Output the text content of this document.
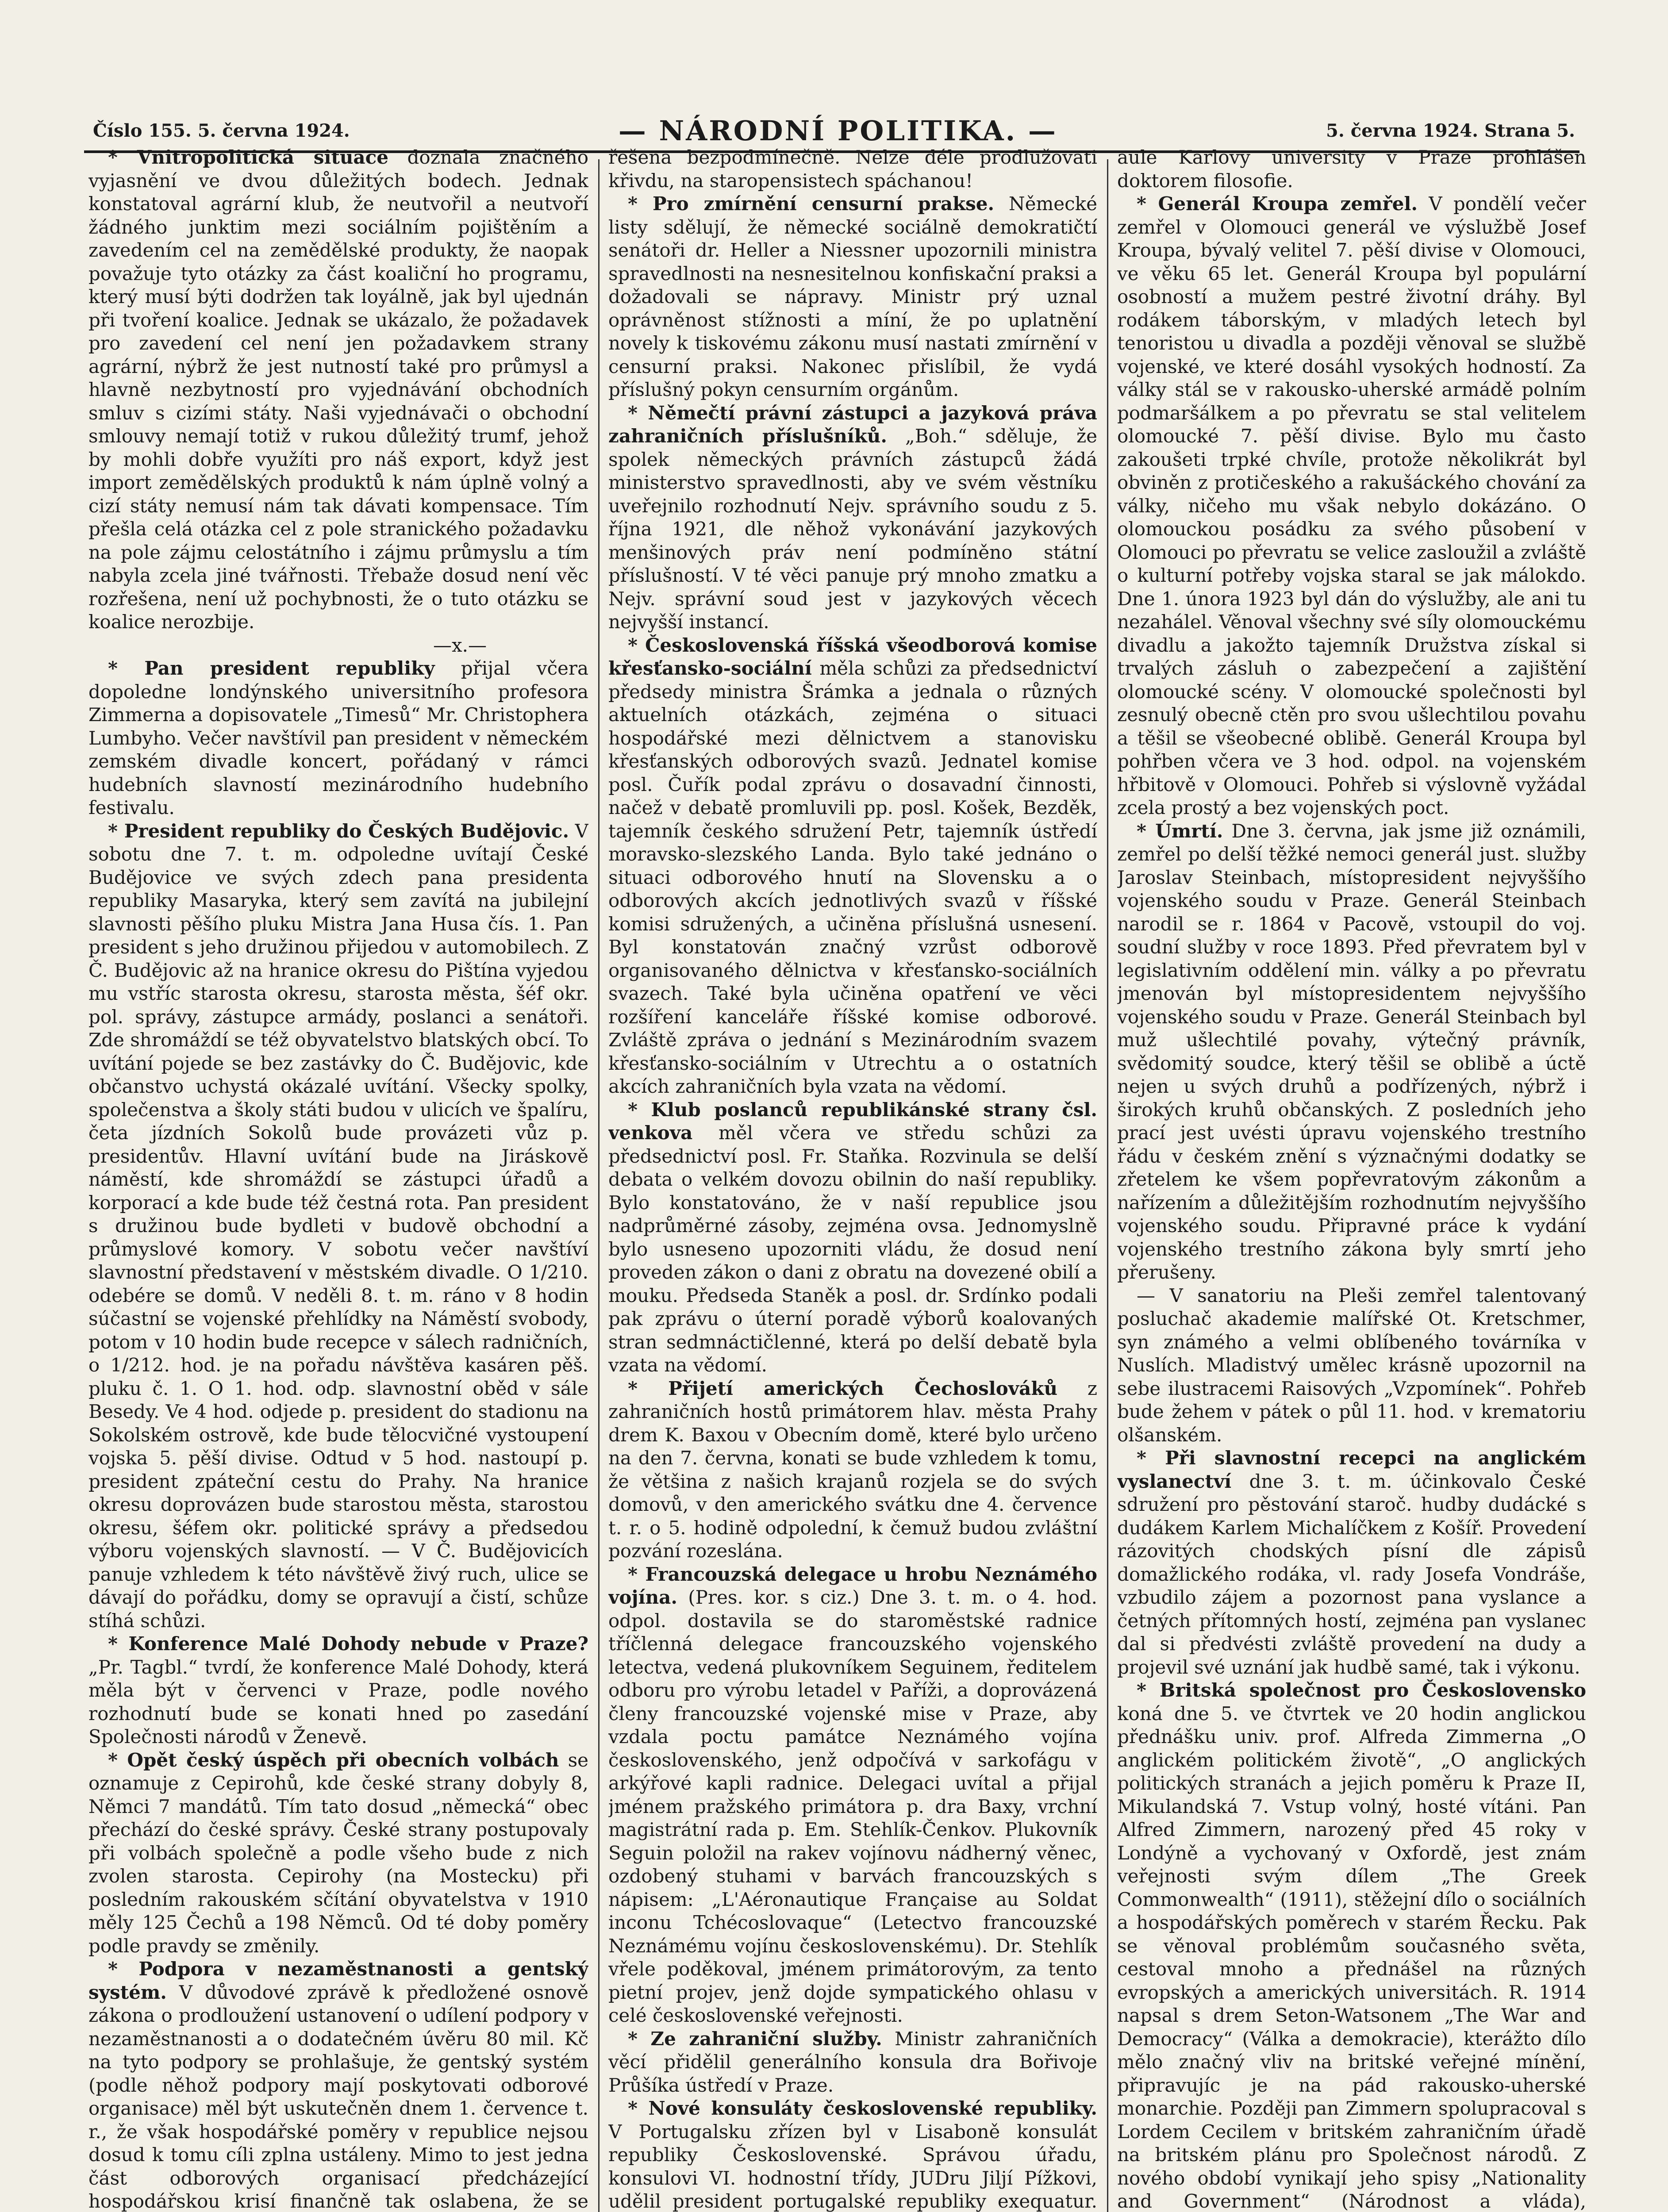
Číslo 155. 5. června 1924.	— NÁRODNÍ POLITIKA. —	5. června 1924. Strana 5.

* Vnitropolitická situace doznala značného vyjasnění ve dvou důležitých bodech. Jednak konstatoval agrární klub, že neutvořil a neutvoří žádného junktim mezi sociálním pojištěním a zavedením cel na zemědělské produkty, že naopak považuje tyto otázky za část koaliční ho programu, který musí býti dodržen tak loyálně, jak byl ujednán při tvoření koalice. Jednak se ukázalo, že požadavek pro zavedení cel není jen požadavkem strany agrární, nýbrž že jest nutností také pro průmysl a hlavně nezbytností pro vyjednávání obchodních smluv s cizími státy. Naši vyjednávači o obchodní smlouvy nemají totiž v rukou důležitý trumf, jehož by mohli dobře využíti pro náš export, když jest import zemědělských produktů k nám úplně volný a cizí státy nemusí nám tak dávati kompensace. Tím přešla celá otázka cel z pole stranického požadavku na pole zájmu celostátního i zájmu průmyslu a tím nabyla zcela jiné tvářnosti. Třebaže dosud není věc rozřešena, není už pochybnosti, že o tuto otázku se koalice nerozbije.

—x.—

* Pan president republiky přijal včera dopoledne londýnského universitního profesora Zimmerna a dopisovatele „Timesů“ Mr. Christophera Lumbyho. Večer navštívil pan president v německém zemském divadle koncert, pořádaný v rámci hudebních slavností mezinárodního hudebního festivalu.

* President republiky do Českých Budějovic. V sobotu dne 7. t. m. odpoledne uvítají České Budějovice ve svých zdech pana presidenta republiky Masaryka, který sem zavítá na jubilejní slavnosti pěšího pluku Mistra Jana Husa čís. 1. Pan president s jeho družinou přijedou v automobilech. Z Č. Budějovic až na hranice okresu do Pištína vyjedou mu vstříc starosta okresu, starosta města, šéf okr. pol. správy, zástupce armády, poslanci a senátoři. Zde shromáždí se též obyvatelstvo blatských obcí. To uvítání pojede se bez zastávky do Č. Budějovic, kde občanstvo uchystá okázalé uvítání. Všecky spolky, společenstva a školy státi budou v ulicích ve špalíru, četa jízdních Sokolů bude provázeti vůz p. presidentův. Hlavní uvítání bude na Jiráskově náměstí, kde shromáždí se zástupci úřadů a korporací a kde bude též čestná rota. Pan president s družinou bude bydleti v budově obchodní a průmyslové komory. V sobotu večer navštíví slavnostní představení v městském divadle. O 1/210. odebére se domů. V neděli 8. t. m. ráno v 8 hodin súčastní se vojenské přehlídky na Náměstí svobody, potom v 10 hodin bude recepce v sálech radničních, o 1/212. hod. je na pořadu návštěva kasáren pěš. pluku č. 1. O 1. hod. odp. slavnostní oběd v sále Besedy. Ve 4 hod. odjede p. president do stadionu na Sokolském ostrově, kde bude tělocvičné vystoupení vojska 5. pěší divise. Odtud v 5 hod. nastoupí p. president zpáteční cestu do Prahy. Na hranice okresu doprovázen bude starostou města, starostou okresu, šéfem okr. politické správy a předsedou výboru vojenských slavností. — V Č. Budějovicích panuje vzhledem k této návštěvě živý ruch, ulice se dávají do pořádku, domy se opravují a čistí, schůze stíhá schůzi.

* Konference Malé Dohody nebude v Praze? „Pr. Tagbl.“ tvrdí, že konference Malé Dohody, která měla být v červenci v Praze, podle nového rozhodnutí bude se konati hned po zasedání Společnosti národů v Ženevě.

* Opět český úspěch při obecních volbách se oznamuje z Cepirohů, kde české strany dobyly 8, Němci 7 mandátů. Tím tato dosud „německá“ obec přechází do české správy. České strany postupovaly při volbách společně a podle všeho bude z nich zvolen starosta. Cepirohy (na Mostecku) při posledním rakouském sčítání obyvatelstva v 1910 měly 125 Čechů a 198 Němců. Od té doby poměry podle pravdy se změnily.

* Podpora v nezaměstnanosti a gentský systém. V důvodové zprávě k předložené osnově zákona o prodloužení ustanovení o udílení podpory v nezaměstnanosti a o dodatečném úvěru 80 mil. Kč na tyto podpory se prohlašuje, že gentský systém (podle něhož podpory mají poskytovati odborové organisace) měl být uskutečněn dnem 1. července t. r., že však hospodářské poměry v republice nejsou dosud k tomu cíli zplna ustáleny. Mimo to jest jedna část odborových organisací předcházející hospodářskou krisí finančně tak oslabena, že se

řešena bezpodmínečně. Nelze déle prodlužovati křivdu, na staropensistech spáchanou!

* Pro zmírnění censurní prakse. Německé listy sdělují, že německé sociálně demokratičtí senátoři dr. Heller a Niessner upozornili ministra spravedlnosti na nesnesitelnou konfiskační praksi a dožadovali se nápravy. Ministr prý uznal oprávněnost stížnosti a míní, že po uplatnění novely k tiskovému zákonu musí nastati zmírnění v censurní praksi. Nakonec přislíbil, že vydá příslušný pokyn censurním orgánům.

* Němečtí právní zástupci a jazyková práva zahraničních příslušníků. „Boh.“ sděluje, že spolek německých právních zástupců žádá ministerstvo spravedlnosti, aby ve svém věstníku uveřejnilo rozhodnutí Nejv. správního soudu z 5. října 1921, dle něhož vykonávání jazykových menšinových práv není podmíněno státní příslušností. V té věci panuje prý mnoho zmatku a Nejv. správní soud jest v jazykových věcech nejvyšší instancí.

* Československá říšská všeodborová komise křesťansko-sociální měla schůzi za předsednictví předsedy ministra Šrámka a jednala o různých aktuelních otázkách, zejména o situaci hospodářské mezi dělnictvem a stanovisku křesťanských odborových svazů. Jednatel komise posl. Čuřík podal zprávu o dosavadní činnosti, načež v debatě promluvili pp. posl. Košek, Bezděk, tajemník českého sdružení Petr, tajemník ústředí moravsko-slezského Landa. Bylo také jednáno o situaci odborového hnutí na Slovensku a o odborových akcích jednotlivých svazů v říšské komisi sdružených, a učiněna příslušná usnesení. Byl konstatován značný vzrůst odborově organisovaného dělnictva v křesťansko-sociálních svazech. Také byla učiněna opatření ve věci rozšíření kanceláře říšské komise odborové. Zvláště zpráva o jednání s Mezinárodním svazem křesťansko-sociálním v Utrechtu a o ostatních akcích zahraničních byla vzata na vědomí.

* Klub poslanců republikánské strany čsl. venkova měl včera ve středu schůzi za předsednictví posl. Fr. Staňka. Rozvinula se delší debata o velkém dovozu obilnin do naší republiky. Bylo konstatováno, že v naší republice jsou nadprůměrné zásoby, zejména ovsa. Jednomyslně bylo usneseno upozorniti vládu, že dosud není proveden zákon o dani z obratu na dovezené obilí a mouku. Předseda Staněk a posl. dr. Srdínko podali pak zprávu o úterní poradě výborů koalovaných stran sedmnáctičlenné, která po delší debatě byla vzata na vědomí.

* Přijetí amerických Čechoslováků z zahraničních hostů primátorem hlav. města Prahy drem K. Baxou v Obecním domě, které bylo určeno na den 7. června, konati se bude vzhledem k tomu, že většina z našich krajanů rozjela se do svých domovů, v den amerického svátku dne 4. července t. r. o 5. hodině odpolední, k čemuž budou zvláštní pozvání rozeslána.

* Francouzská delegace u hrobu Neznámého vojína. (Pres. kor. s ciz.) Dne 3. t. m. o 4. hod. odpol. dostavila se do staroměstské radnice tříčlenná delegace francouzského vojenského letectva, vedená plukovníkem Seguinem, ředitelem odboru pro výrobu letadel v Paříži, a doprovázená členy francouzské vojenské mise v Praze, aby vzdala poctu památce Neznámého vojína československého, jenž odpočívá v sarkofágu v arkýřové kapli radnice. Delegaci uvítal a přijal jménem pražského primátora p. dra Baxy, vrchní magistrátní rada p. Em. Stehlík-Čenkov. Plukovník Seguin položil na rakev vojínovu nádherný věnec, ozdobený stuhami v barvách francouzských s nápisem: „L'Aéronautique Française au Soldat inconu Tchécoslovaque“ (Letectvo francouzské Neznámému vojínu československému). Dr. Stehlík vřele poděkoval, jménem primátorovým, za tento pietní projev, jenž dojde sympatického ohlasu v celé československé veřejnosti.

* Ze zahraniční služby. Ministr zahraničních věcí přidělil generálního konsula dra Bořivoje Průšíka ústředí v Praze.

* Nové konsuláty československé republiky. V Portugalsku zřízen byl v Lisaboně konsulát republiky Československé. Správou úřadu, konsulovi VI. hodnostní třídy, JUDru Jiljí Pížkovi, udělil president portugalské republiky exequatur.

aule Karlovy university v Praze prohlášen doktorem filosofie.

* Generál Kroupa zemřel. V pondělí večer zemřel v Olomouci generál ve výslužbě Josef Kroupa, bývalý velitel 7. pěší divise v Olomouci, ve věku 65 let. Generál Kroupa byl populární osobností a mužem pestré životní dráhy. Byl rodákem táborským, v mladých letech byl tenoristou u divadla a později věnoval se službě vojenské, ve které dosáhl vysokých hodností. Za války stál se v rakousko-uherské armádě polním podmaršálkem a po převratu se stal velitelem olomoucké 7. pěší divise. Bylo mu často zakoušeti trpké chvíle, protože několikrát byl obviněn z protičeského a rakušáckého chování za války, ničeho mu však nebylo dokázáno. O olomouckou posádku za svého působení v Olomouci po převratu se velice zasloužil a zvláště o kulturní potřeby vojska staral se jak málokdo. Dne 1. února 1923 byl dán do výslužby, ale ani tu nezahálel. Věnoval všechny své síly olomouckému divadlu a jakožto tajemník Družstva získal si trvalých zásluh o zabezpečení a zajištění olomoucké scény. V olomoucké společnosti byl zesnulý obecně ctěn pro svou ušlechtilou povahu a těšil se všeobecné oblibě. Generál Kroupa byl pohřben včera ve 3 hod. odpol. na vojenském hřbitově v Olomouci. Pohřeb si výslovně vyžádal zcela prostý a bez vojenských poct.

* Úmrtí. Dne 3. června, jak jsme již oznámili, zemřel po delší těžké nemoci generál just. služby Jaroslav Steinbach, místopresident nejvyššího vojenského soudu v Praze. Generál Steinbach narodil se r. 1864 v Pacově, vstoupil do voj. soudní služby v roce 1893. Před převratem byl v legislativním oddělení min. války a po převratu jmenován byl místopresidentem nejvyššího vojenského soudu v Praze. Generál Steinbach byl muž ušlechtilé povahy, výtečný právník, svědomitý soudce, který těšil se oblibě a úctě nejen u svých druhů a podřízených, nýbrž i širokých kruhů občanských. Z posledních jeho prací jest uvésti úpravu vojenského trestního řádu v českém znění s význačnými dodatky se zřetelem ke všem popřevratovým zákonům a nařízením a důležitějším rozhodnutím nejvyššího vojenského soudu. Připravné práce k vydání vojenského trestního zákona byly smrtí jeho přerušeny.

— V sanatoriu na Pleši zemřel talentovaný posluchač akademie malířské Ot. Kretschmer, syn známého a velmi oblíbeného továrníka v Nuslích. Mladistvý umělec krásně upozornil na sebe ilustracemi Raisových „Vzpomínek“. Pohřeb bude žehem v pátek o půl 11. hod. v krematoriu olšanském.

* Při slavnostní recepci na anglickém vyslanectví dne 3. t. m. účinkovalo České sdružení pro pěstování staroč. hudby dudácké s dudákem Karlem Michalíčkem z Košíř. Provedení rázovitých chodských písní dle zápisů domažlického rodáka, vl. rady Josefa Vondráše, vzbudilo zájem a pozornost pana vyslance a četných přítomných hostí, zejména pan vyslanec dal si předvésti zvláště provedení na dudy a projevil své uznání jak hudbě samé, tak i výkonu.

* Britská společnost pro Československo koná dne 5. ve čtvrtek ve 20 hodin anglickou přednášku univ. prof. Alfreda Zimmerna „O anglickém politickém životě“, „O anglických politických stranách a jejich poměru k Praze II, Mikulandská 7. Vstup volný, hosté vítáni. Pan Alfred Zimmern, narozený před 45 roky v Londýně a vychovaný v Oxfordě, jest znám veřejnosti svým dílem „The Greek Commonwealth“ (1911), stěžejní dílo o sociálních a hospodářských poměrech v starém Řecku. Pak se věnoval problémům současného světa, cestoval mnoho a přednášel na různých evropských a amerických universitách. R. 1914 napsal s drem Seton-Watsonem „The War and Democracy“ (Válka a demokracie), kterážto dílo mělo značný vliv na britské veřejné mínění, připravujíc je na pád rakousko-uherské monarchie. Později pan Zimmern spolupracoval s Lordem Cecilem v britském zahraničním úřadě na britském plánu pro Společnost národů. Z nového období vynikají jeho spisy „Nationality and Government“ (Národnost a vláda),
